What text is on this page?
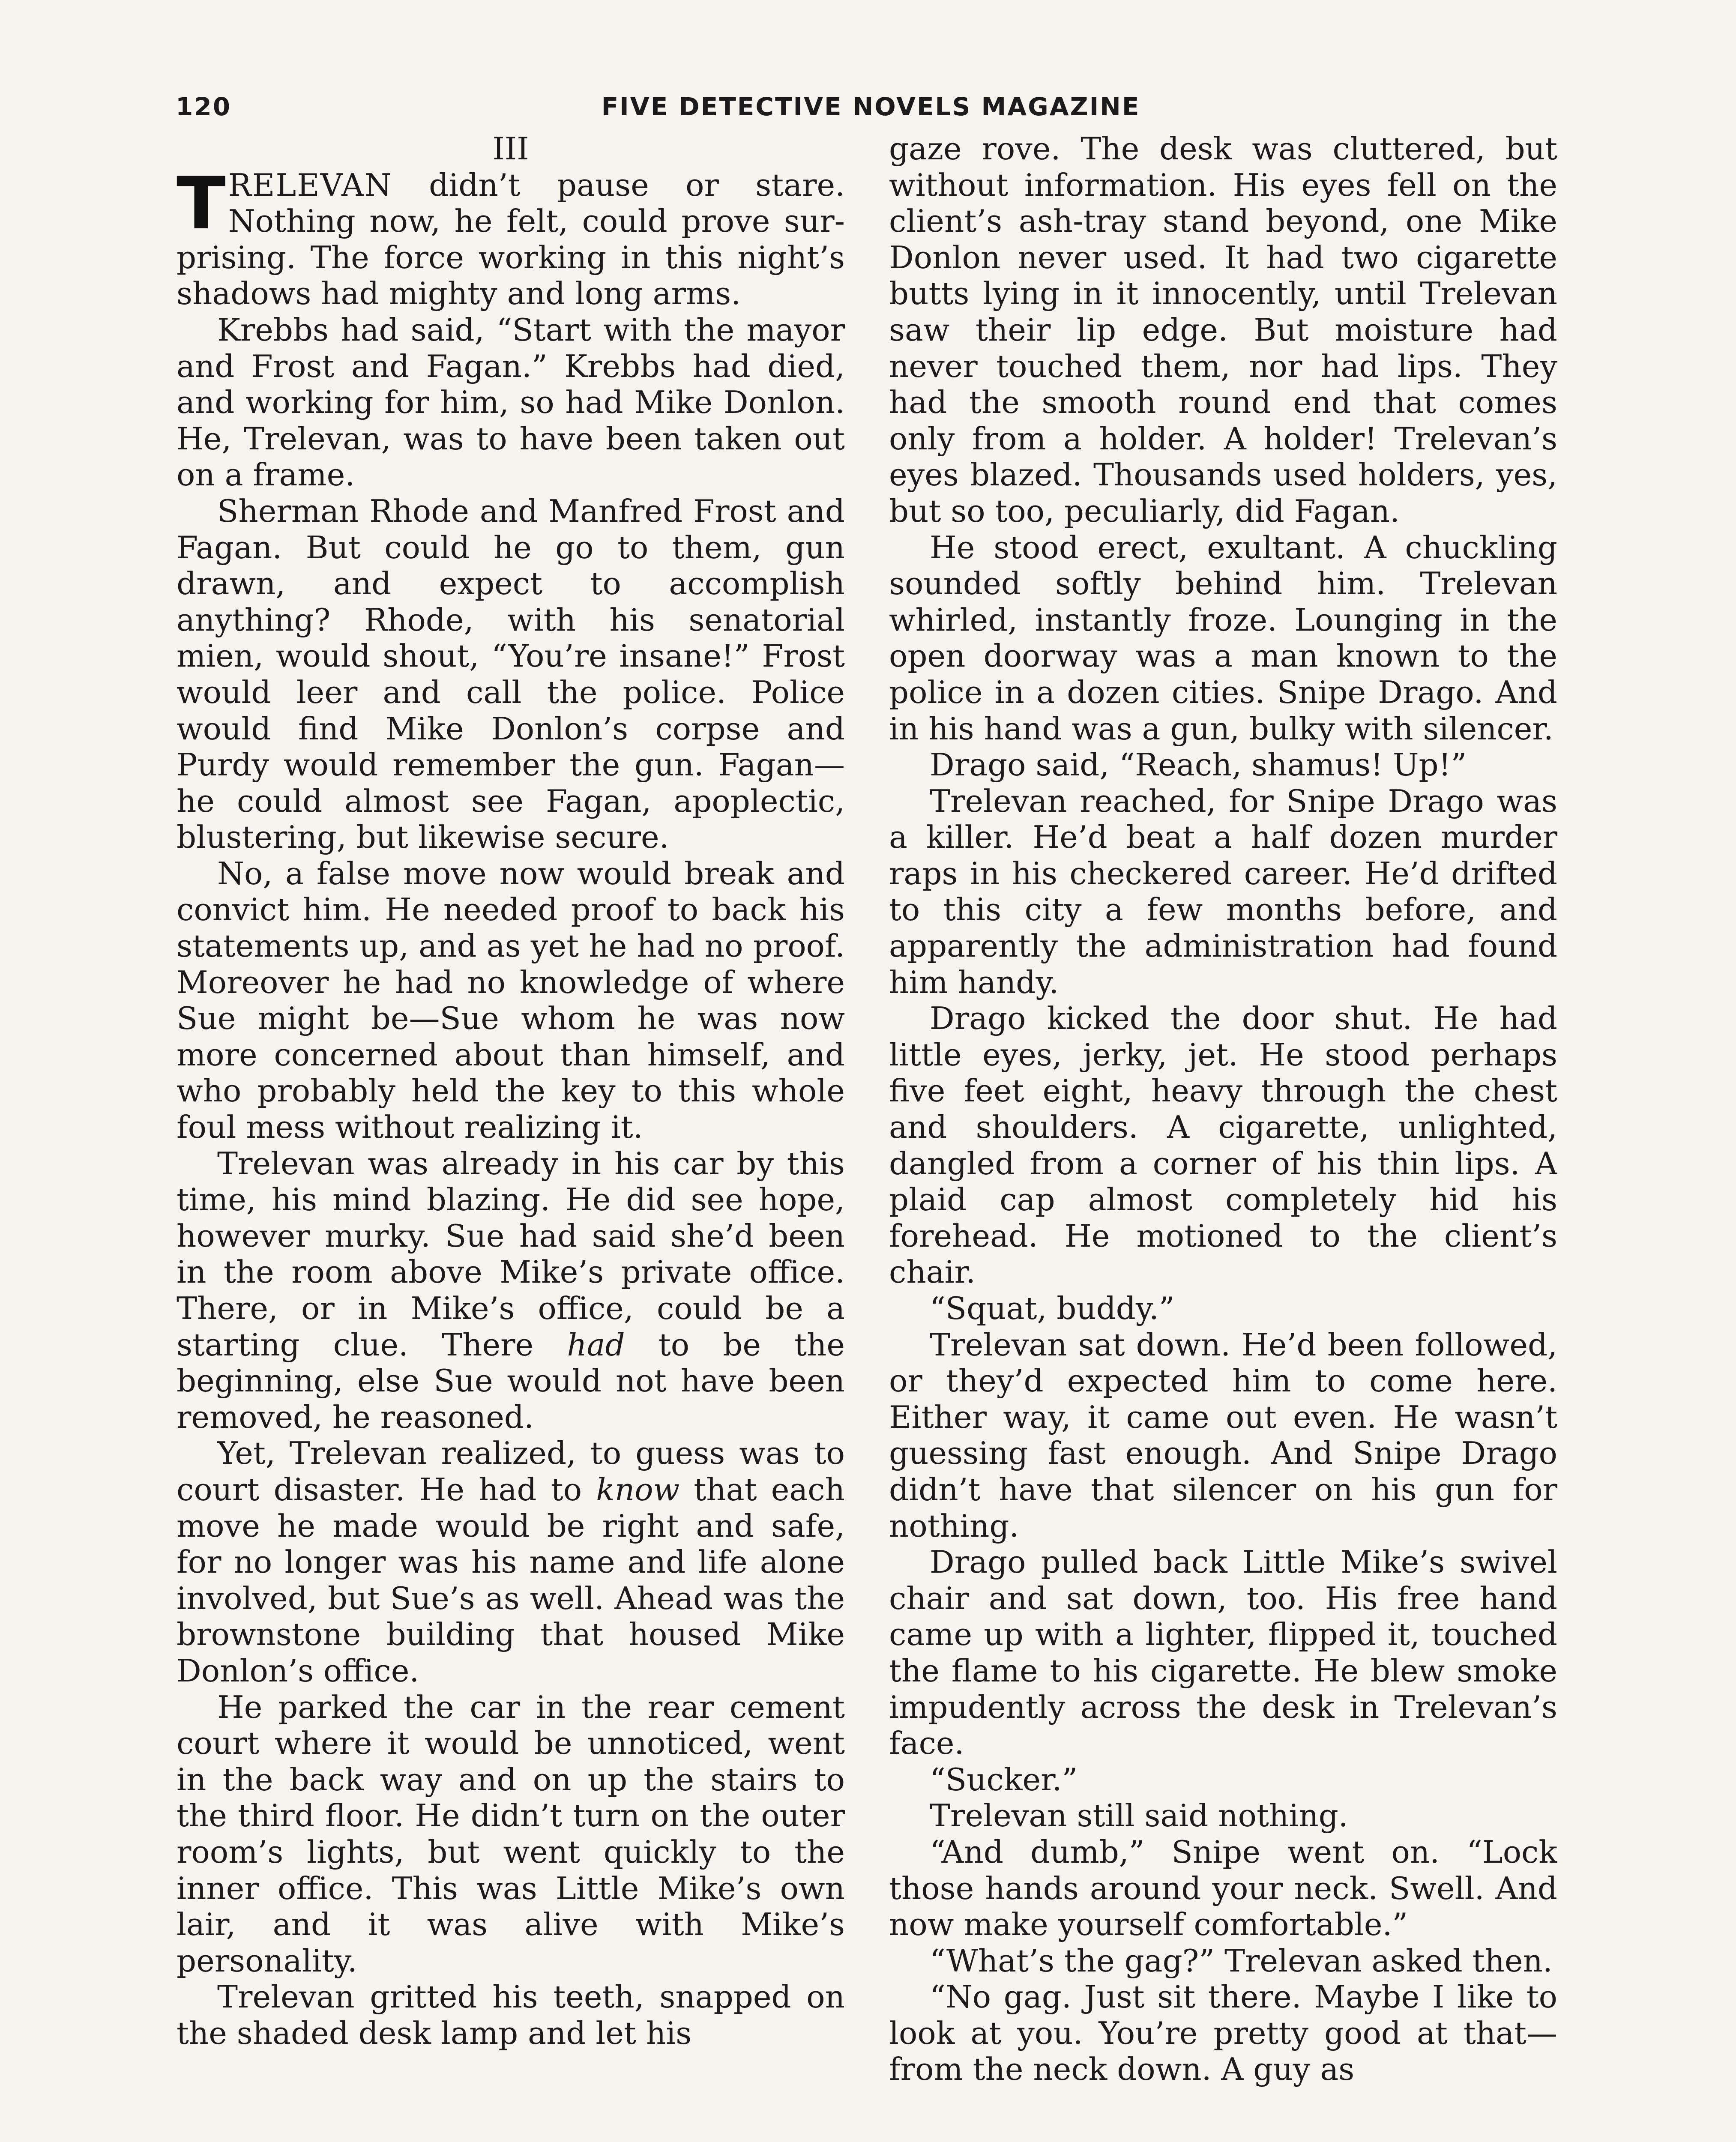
120	FIVE DETECTIVE NOVELS MAGAZINE

III

TRELEVAN didn’t pause or stare. Nothing now, he felt, could prove surprising. The force working in this night’s shadows had mighty and long arms.

Krebbs had said, “Start with the mayor and Frost and Fagan.” Krebbs had died, and working for him, so had Mike Donlon. He, Trelevan, was to have been taken out on a frame.

Sherman Rhode and Manfred Frost and Fagan. But could he go to them, gun drawn, and expect to accomplish anything? Rhode, with his senatorial mien, would shout, “You’re insane!” Frost would leer and call the police. Police would find Mike Donlon’s corpse and Purdy would remember the gun. Fagan—he could almost see Fagan, apoplectic, blustering, but likewise secure.

No, a false move now would break and convict him. He needed proof to back his statements up, and as yet he had no proof. Moreover he had no knowledge of where Sue might be—Sue whom he was now more concerned about than himself, and who probably held the key to this whole foul mess without realizing it.

Trelevan was already in his car by this time, his mind blazing. He did see hope, however murky. Sue had said she’d been in the room above Mike’s private office. There, or in Mike’s office, could be a starting clue. There had to be the beginning, else Sue would not have been removed, he reasoned.

Yet, Trelevan realized, to guess was to court disaster. He had to know that each move he made would be right and safe, for no longer was his name and life alone involved, but Sue’s as well. Ahead was the brownstone building that housed Mike Donlon’s office.

He parked the car in the rear cement court where it would be unnoticed, went in the back way and on up the stairs to the third floor. He didn’t turn on the outer room’s lights, but went quickly to the inner office. This was Little Mike’s own lair, and it was alive with Mike’s personality.

Trelevan gritted his teeth, snapped on the shaded desk lamp and let his

gaze rove. The desk was cluttered, but without information. His eyes fell on the client’s ash-tray stand beyond, one Mike Donlon never used. It had two cigarette butts lying in it innocently, until Trelevan saw their lip edge. But moisture had never touched them, nor had lips. They had the smooth round end that comes only from a holder. A holder! Trelevan’s eyes blazed. Thousands used holders, yes, but so too, peculiarly, did Fagan.

He stood erect, exultant. A chuckling sounded softly behind him. Trelevan whirled, instantly froze. Lounging in the open doorway was a man known to the police in a dozen cities. Snipe Drago. And in his hand was a gun, bulky with silencer.

Drago said, “Reach, shamus! Up!”

Trelevan reached, for Snipe Drago was a killer. He’d beat a half dozen murder raps in his checkered career. He’d drifted to this city a few months before, and apparently the administration had found him handy.

Drago kicked the door shut. He had little eyes, jerky, jet. He stood perhaps five feet eight, heavy through the chest and shoulders. A cigarette, unlighted, dangled from a corner of his thin lips. A plaid cap almost completely hid his forehead. He motioned to the client’s chair.

“Squat, buddy.”

Trelevan sat down. He’d been followed, or they’d expected him to come here. Either way, it came out even. He wasn’t guessing fast enough. And Snipe Drago didn’t have that silencer on his gun for nothing.

Drago pulled back Little Mike’s swivel chair and sat down, too. His free hand came up with a lighter, flipped it, touched the flame to his cigarette. He blew smoke impudently across the desk in Trelevan’s face.

“Sucker.”

Trelevan still said nothing.

“And dumb,” Snipe went on. “Lock those hands around your neck. Swell. And now make yourself comfortable.”

“What’s the gag?” Trelevan asked then.

“No gag. Just sit there. Maybe I like to look at you. You’re pretty good at that—from the neck down. A guy as
